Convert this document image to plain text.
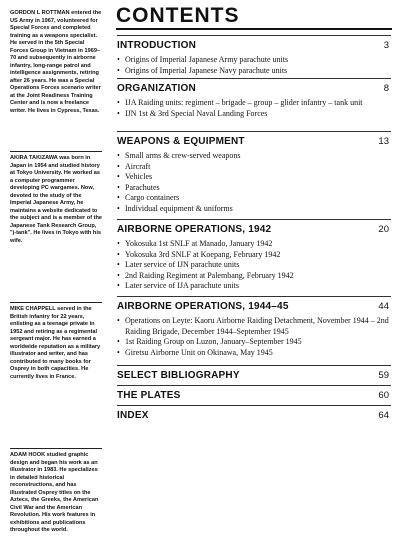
GORDON L ROTTMAN entered the US Army in 1967, volunteered for Special Forces and completed training as a weapons specialist. He served in the 5th Special Forces Group in Vietnam in 1969–70 and subsequently in airborne infantry, long-range patrol and intelligence assignments, retiring after 26 years. He was a Special Operations Forces scenario writer at the Joint Readiness Training Center and is now a freelance writer. He lives in Cypress, Texas.

AKIRA TAKIZAWA was born in Japan in 1954 and studied history at Tokyo University. He worked as a computer programmer developing PC wargames. Now, devoted to the study of the Imperial Japanese Army, he maintains a website dedicated to the subject and is a member of the Japanese Tank Research Group, "j-tank". He lives in Tokyo with his wife.
MIKE CHAPPELL served in the British infantry for 22 years, enlisting as a teenage private in 1952 and retiring as a regimental sergeant major. He has earned a worldwide reputation as a military illustrator and writer, and has contributed to many books for Osprey in both capacities. He currently lives in France.
ADAM HOOK studied graphic design and began his work as an illustrator in 1983. He specializes in detailed historical reconstructions, and has illustrated Osprey titles on the Aztecs, the Greeks, the American Civil War and the American Revolution. His work features in exhibitions and publications throughout the world.
CONTENTS
INTRODUCTION	3
• Origins of Imperial Japanese Army parachute units
• Origins of Imperial Japanese Navy parachute units
ORGANIZATION	8
• IJA Raiding units: regiment – brigade – group – glider infantry – tank unit
• IJN 1st & 3rd Special Naval Landing Forces
WEAPONS & EQUIPMENT	13
• Small arms & crew-served weapons
• Aircraft
• Vehicles
• Parachutes
• Cargo containers
• Individual equipment & uniforms
AIRBORNE OPERATIONS, 1942	20
• Yokosuka 1st SNLF at Manado, January 1942
• Yokosuka 3rd SNLF at Koepang, February 1942
• Later service of IJN parachute units
• 2nd Raiding Regiment at Palembang, February 1942
• Later service of IJA parachute units
AIRBORNE OPERATIONS, 1944–45	44
• Operations on Leyte: Kaoru Airborne Raiding Detachment, November 1944 – 2nd Raiding Brigade, December 1944–September 1945
• 1st Raiding Group on Luzon, January–September 1945
• Giretsu Airborne Unit on Okinawa, May 1945
SELECT BIBLIOGRAPHY	59
THE PLATES	60
INDEX	64
